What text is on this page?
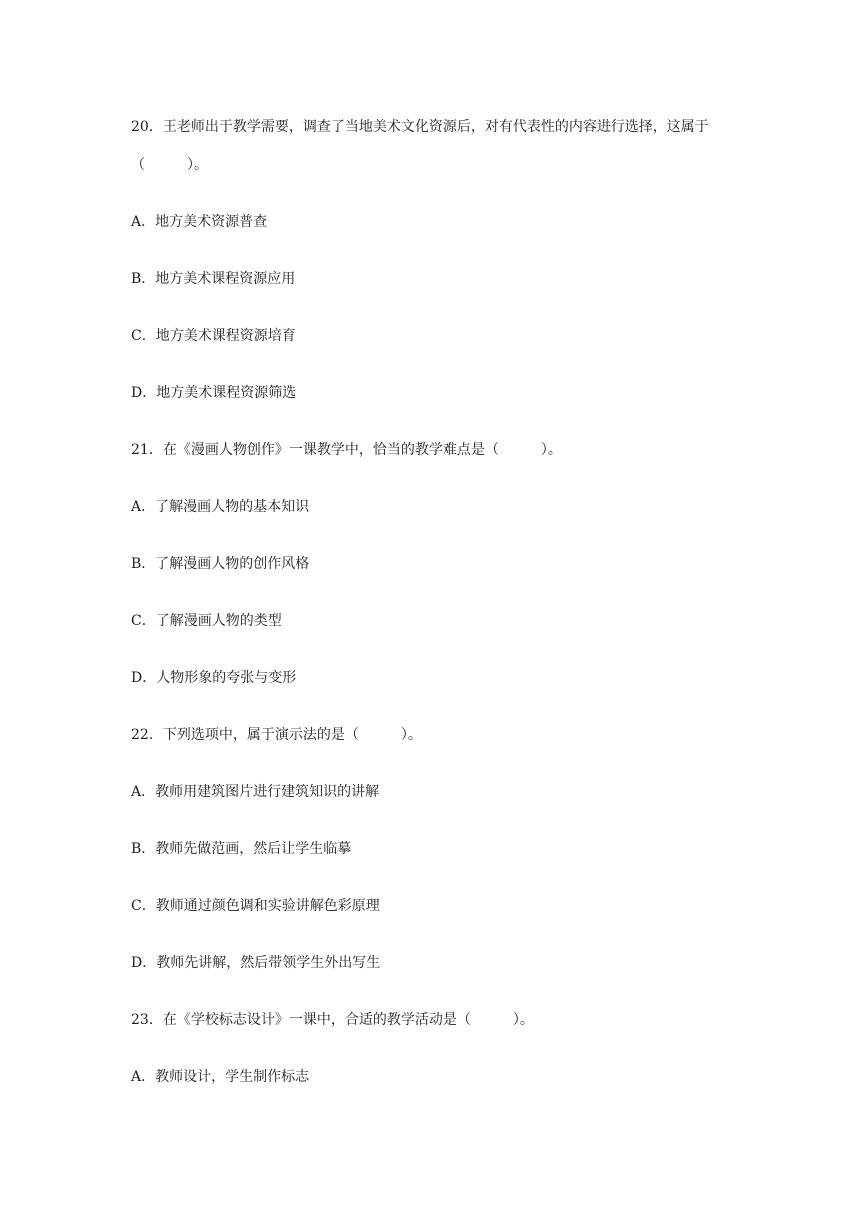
20．王老师出于教学需要，调查了当地美术文化资源后，对有代表性的内容进行选择，这属于（　　　）。

A．地方美术资源普查

B．地方美术课程资源应用

C．地方美术课程资源培育

D．地方美术课程资源筛选

21．在《漫画人物创作》一课教学中，恰当的教学难点是（　　　）。

A．了解漫画人物的基本知识

B．了解漫画人物的创作风格

C．了解漫画人物的类型

D．人物形象的夸张与变形

22．下列选项中，属于演示法的是（　　　）。

A．教师用建筑图片进行建筑知识的讲解

B．教师先做范画，然后让学生临摹

C．教师通过颜色调和实验讲解色彩原理

D．教师先讲解，然后带领学生外出写生

23．在《学校标志设计》一课中，合适的教学活动是（　　　）。

A．教师设计，学生制作标志
